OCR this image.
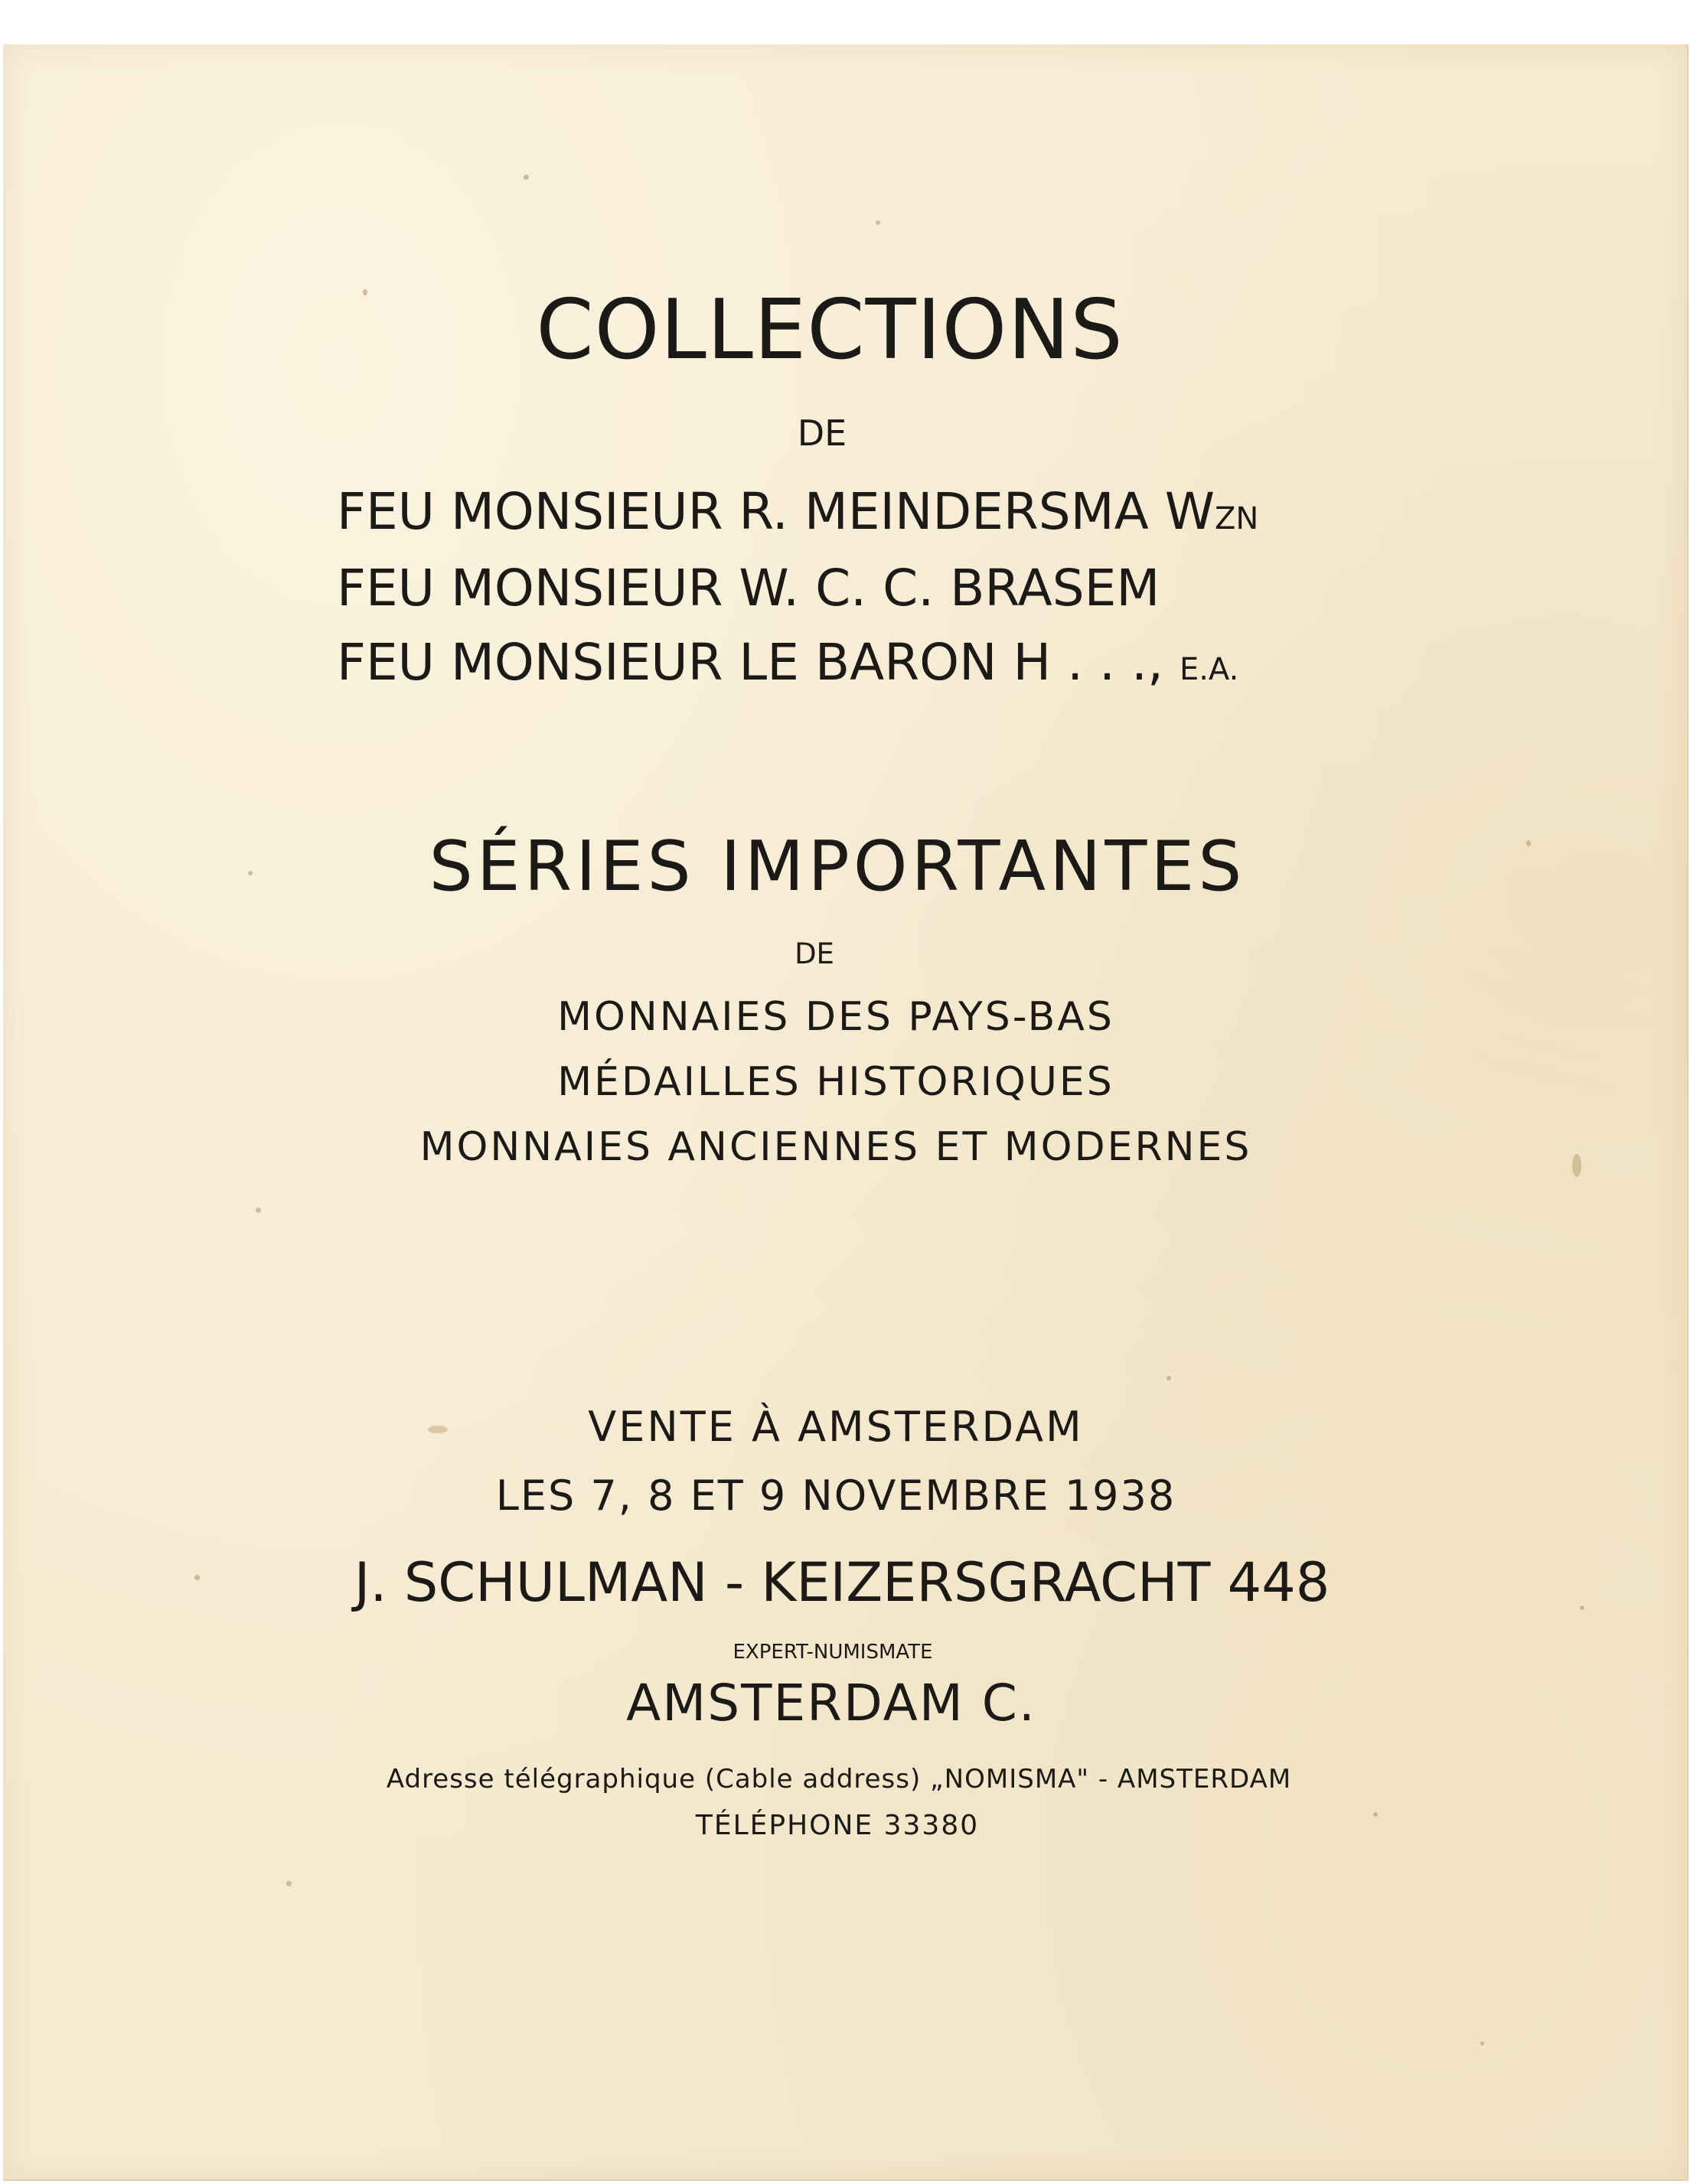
COLLECTIONS
DE
FEU MONSIEUR R. MEINDERSMA WZN
FEU MONSIEUR W. C. C. BRASEM
FEU MONSIEUR LE BARON H . . ., E.A.
SÉRIES IMPORTANTES
DE
MONNAIES DES PAYS-BAS
MÉDAILLES HISTORIQUES
MONNAIES ANCIENNES ET MODERNES
VENTE À AMSTERDAM
LES 7, 8 ET 9 NOVEMBRE 1938
J. SCHULMAN - KEIZERSGRACHT 448
EXPERT-NUMISMATE
AMSTERDAM C.
Adresse télégraphique (Cable address) „NOMISMA" - AMSTERDAM
TÉLÉPHONE 33380
